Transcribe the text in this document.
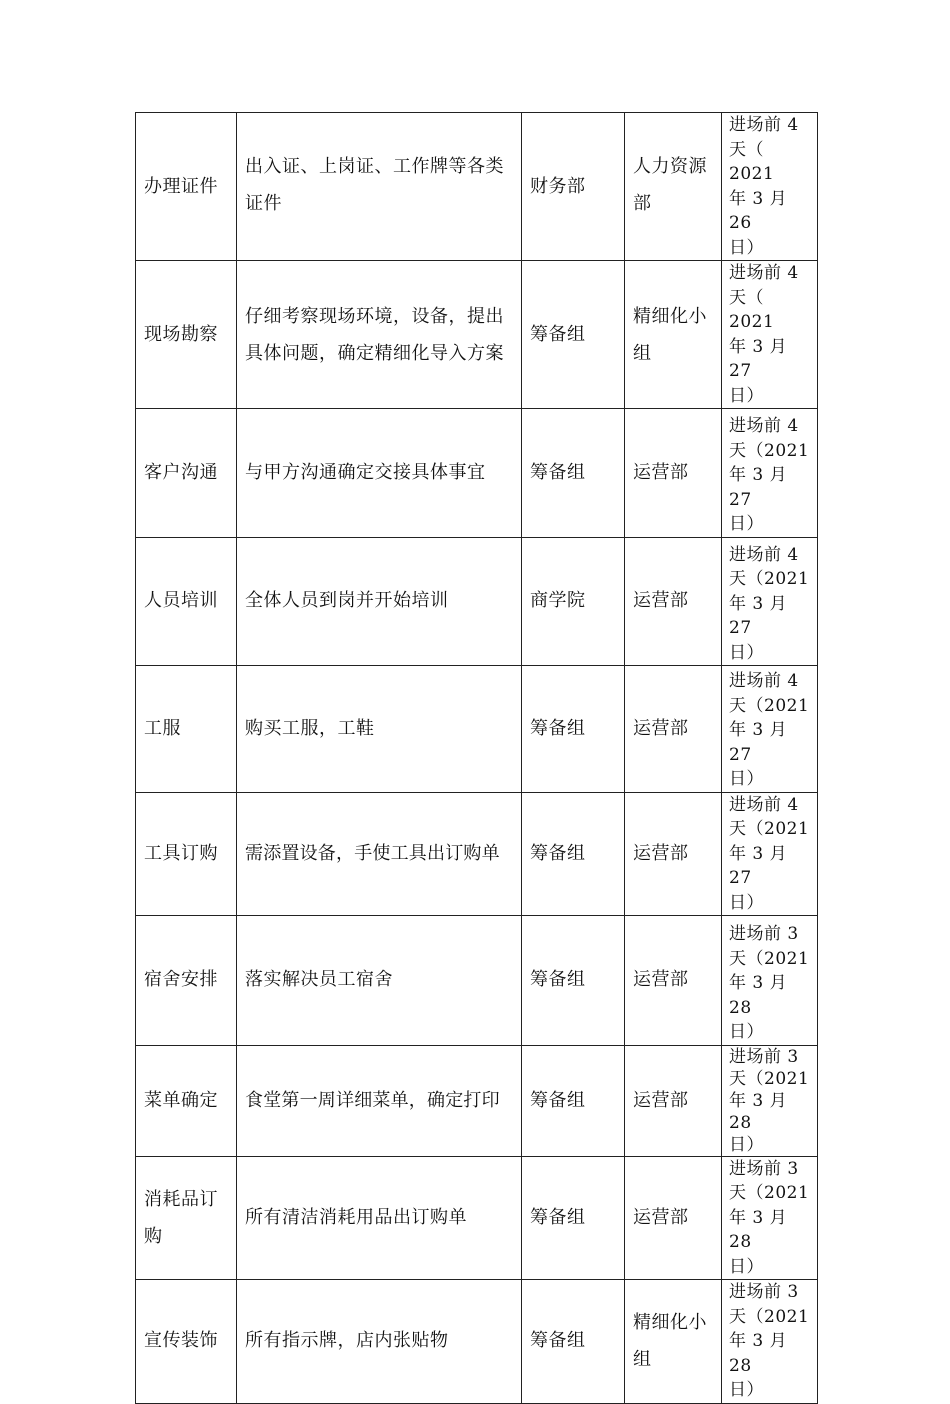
办理证件	出入证、上岗证、工作牌等各类证件	财务部	人力资源部	进场前 4
天（ 2021
年 3 月 26
日）

现场勘察	仔细考察现场环境，设备，提出具体问题，确定精细化导入方案	筹备组	精细化小组	进场前 4
天（ 2021
年 3 月 27
日）

客户沟通	与甲方沟通确定交接具体事宜	筹备组	运营部	进场前 4
天（2021
年 3 月 27
日）

人员培训	全体人员到岗并开始培训	商学院	运营部	进场前 4
天（2021
年 3 月 27
日）

工服	购买工服，工鞋	筹备组	运营部	进场前 4
天（2021
年 3 月 27
日）

工具订购	需添置设备，手使工具出订购单	筹备组	运营部	进场前 4
天（2021
年 3 月 27
日）

宿舍安排	落实解决员工宿舍	筹备组	运营部	进场前 3
天（2021
年 3 月 28
日）

菜单确定	食堂第一周详细菜单，确定打印	筹备组	运营部	进场前 3
天（2021
年 3 月 28
日）

消耗品订购	所有清洁消耗用品出订购单	筹备组	运营部	进场前 3
天（2021
年 3 月 28
日）

宣传装饰	所有指示牌，店内张贴物	筹备组	精细化小组	进场前 3
天（2021
年 3 月 28
日）
